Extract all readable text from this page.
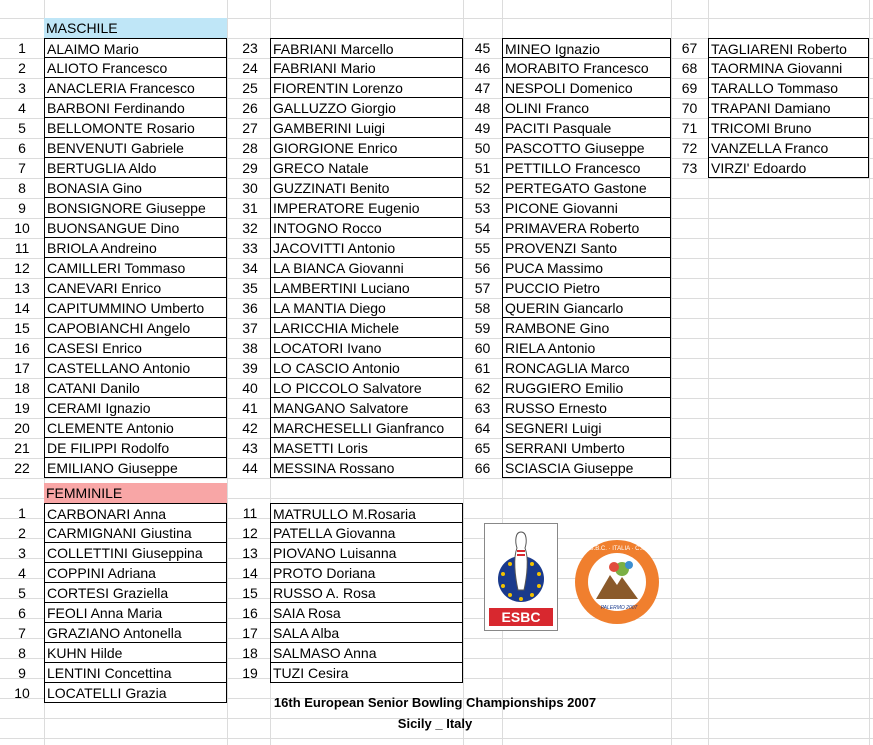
MASCHILE
FEMMINILE
1	ALAIMO Mario
2	ALIOTO Francesco
3	ANACLERIA Francesco
4	BARBONI Ferdinando
5	BELLOMONTE Rosario
6	BENVENUTI Gabriele
7	BERTUGLIA Aldo
8	BONASIA Gino
9	BONSIGNORE Giuseppe
10	BUONSANGUE Dino
11	BRIOLA Andreino
12	CAMILLERI Tommaso
13	CANEVARI Enrico
14	CAPITUMMINO Umberto
15	CAPOBIANCHI Angelo
16	CASESI Enrico
17	CASTELLANO Antonio
18	CATANI Danilo
19	CERAMI Ignazio
20	CLEMENTE Antonio
21	DE FILIPPI Rodolfo
22	EMILIANO Giuseppe
23	FABRIANI Marcello
24	FABRIANI Mario
25	FIORENTIN Lorenzo
26	GALLUZZO Giorgio
27	GAMBERINI Luigi
28	GIORGIONE Enrico
29	GRECO Natale
30	GUZZINATI Benito
31	IMPERATORE Eugenio
32	INTOGNO Rocco
33	JACOVITTI Antonio
34	LA BIANCA Giovanni
35	LAMBERTINI Luciano
36	LA MANTIA Diego
37	LARICCHIA Michele
38	LOCATORI Ivano
39	LO CASCIO Antonio
40	LO PICCOLO Salvatore
41	MANGANO Salvatore
42	MARCHESELLI Gianfranco
43	MASETTI Loris
44	MESSINA Rossano
45	MINEO Ignazio
46	MORABITO Francesco
47	NESPOLI Domenico
48	OLINI Franco
49	PACITI Pasquale
50	PASCOTTO Giuseppe
51	PETTILLO Francesco
52	PERTEGATO Gastone
53	PICONE Giovanni
54	PRIMAVERA Roberto
55	PROVENZI Santo
56	PUCA Massimo
57	PUCCIO Pietro
58	QUERIN Giancarlo
59	RAMBONE Gino
60	RIELA Antonio
61	RONCAGLIA Marco
62	RUGGIERO Emilio
63	RUSSO Ernesto
64	SEGNERI Luigi
65	SERRANI Umberto
66	SCIASCIA Giuseppe
67 TAGLIARENI Roberto
68 TAORMINA Giovanni
69 TARALLO Tommaso
70 TRAPANI Damiano
71 TRICOMI Bruno
72 VANZELLA Franco
73 VIRZI' Edoardo
1	CARBONARI Anna
2	CARMIGNANI Giustina
3	COLLETTINI Giuseppina
4	COPPINI Adriana
5	CORTESI Graziella
6	FEOLI Anna Maria
7	GRAZIANO Antonella
8	KUHN Hilde
9	LENTINI Concettina
10	LOCATELLI Grazia
11	MATRULLO M.Rosaria
12	PATELLA Giovanna
13	PIOVANO Luisanna
14	PROTO Doriana
15	RUSSO A. Rosa
16	SAIA Rosa
17	SALA Alba
18	SALMASO Anna
19	TUZI Cesira
ESBC
E.S.B.C. · ITALIA · C.I.S.
PALERMO 2007
16th European Senior Bowling Championships 2007
Sicily _ Italy
